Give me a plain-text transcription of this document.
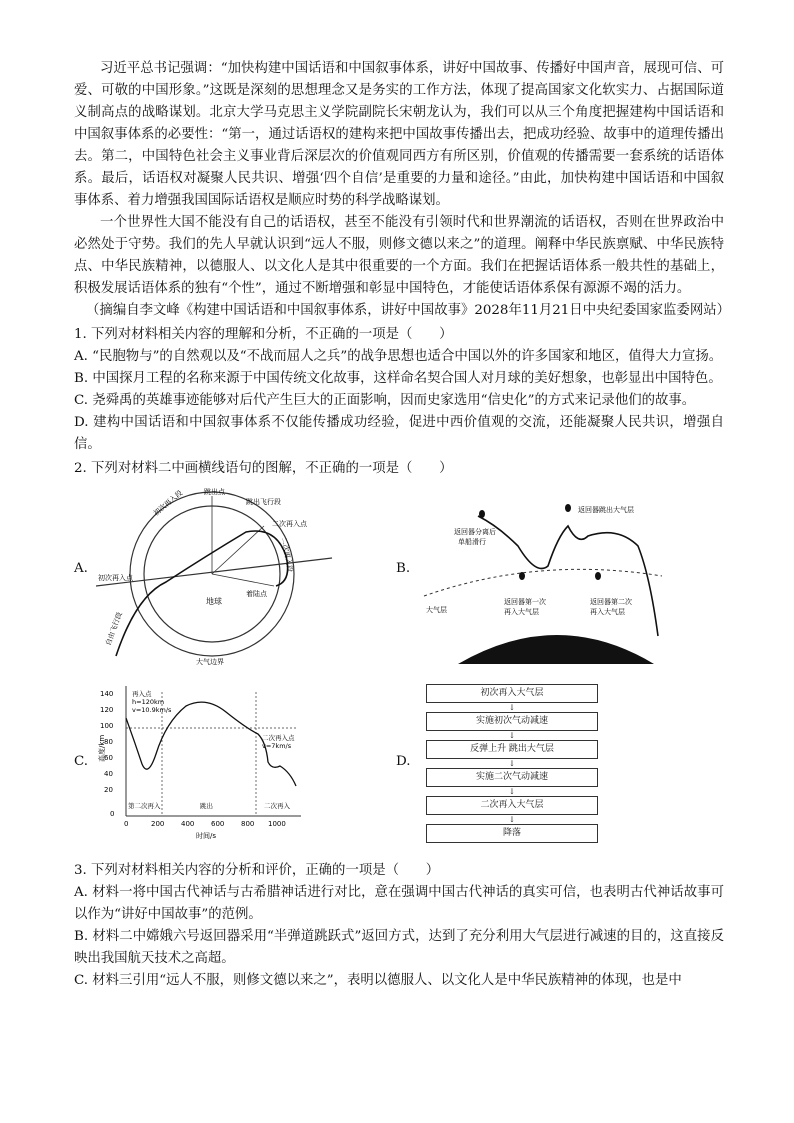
习近平总书记强调：“加快构建中国话语和中国叙事体系，讲好中国故事、传播好中国声音，展现可信、可爱、可敬的中国形象。”这既是深刻的思想理念又是务实的工作方法，体现了提高国家文化软实力、占据国际道义制高点的战略谋划。北京大学马克思主义学院副院长宋朝龙认为，我们可以从三个角度把握建构中国话语和中国叙事体系的必要性：“第一，通过话语权的建构来把中国故事传播出去，把成功经验、故事中的道理传播出去。第二，中国特色社会主义事业背后深层次的价值观同西方有所区别，价值观的传播需要一套系统的话语体系。最后，话语权对凝聚人民共识、增强‘四个自信’是重要的力量和途径。”由此，加快构建中国话语和中国叙事体系、着力增强我国国际话语权是顺应时势的科学战略谋划。

一个世界性大国不能没有自己的话语权，甚至不能没有引领时代和世界潮流的话语权，否则在世界政治中必然处于守势。我们的先人早就认识到“远人不服，则修文德以来之”的道理。阐释中华民族禀赋、中华民族特点、中华民族精神，以德服人、以文化人是其中很重要的一个方面。我们在把握话语体系一般共性的基础上，积极发展话语体系的独有“个性”，通过不断增强和彰显中国特色，才能使话语体系保有源源不竭的活力。

（摘编自李文峰《构建中国话语和中国叙事体系，讲好中国故事》2028年11月21日中央纪委国家监委网站）

1. 下列对材料相关内容的理解和分析，不正确的一项是（　　）

A. “民胞物与”的自然观以及“不战而屈人之兵”的战争思想也适合中国以外的许多国家和地区，值得大力宣扬。

B. 中国探月工程的名称来源于中国传统文化故事，这样命名契合国人对月球的美好想象，也彰显出中国特色。

C. 尧舜禹的英雄事迹能够对后代产生巨大的正面影响，因而史家选用“信史化”的方式来记录他们的故事。

D. 建构中国话语和中国叙事体系不仅能传播成功经验，促进中西价值观的交流，还能凝聚人民共识，增强自信。

2. 下列对材料二中画横线语句的图解，不正确的一项是（　　）

A.
跳出点
跳出飞行段
初次再入段
二次再入点
二次再入段
初次再入点
着陆点
地球
自由飞行段
大气边界
B.
返回器分离后
单船滑行
返回器跳出大气层
大气层
返回器第一次
再入大气层
返回器第二次
再入大气层
C.
140
120
100
80
60
40
20
0
高度/km
0	200 400 600 800 1000
时间/s
再入点
h=120km
v=10.9km/s
二次再入点
v=7km/s
第二次再入	跳出	二次再入
D.
初次再入大气层
↓
实施初次气动减速
↓
反弹上升 跳出大气层
↓
实施二次气动减速
↓
二次再入大气层
↓
降落

3. 下列对材料相关内容的分析和评价，正确的一项是（　　）

A. 材料一将中国古代神话与古希腊神话进行对比，意在强调中国古代神话的真实可信，也表明古代神话故事可以作为“讲好中国故事”的范例。

B. 材料二中嫦娥六号返回器采用“半弹道跳跃式”返回方式，达到了充分利用大气层进行减速的目的，这直接反映出我国航天技术之高超。

C. 材料三引用“远人不服，则修文德以来之”，表明以德服人、以文化人是中华民族精神的体现，也是中
